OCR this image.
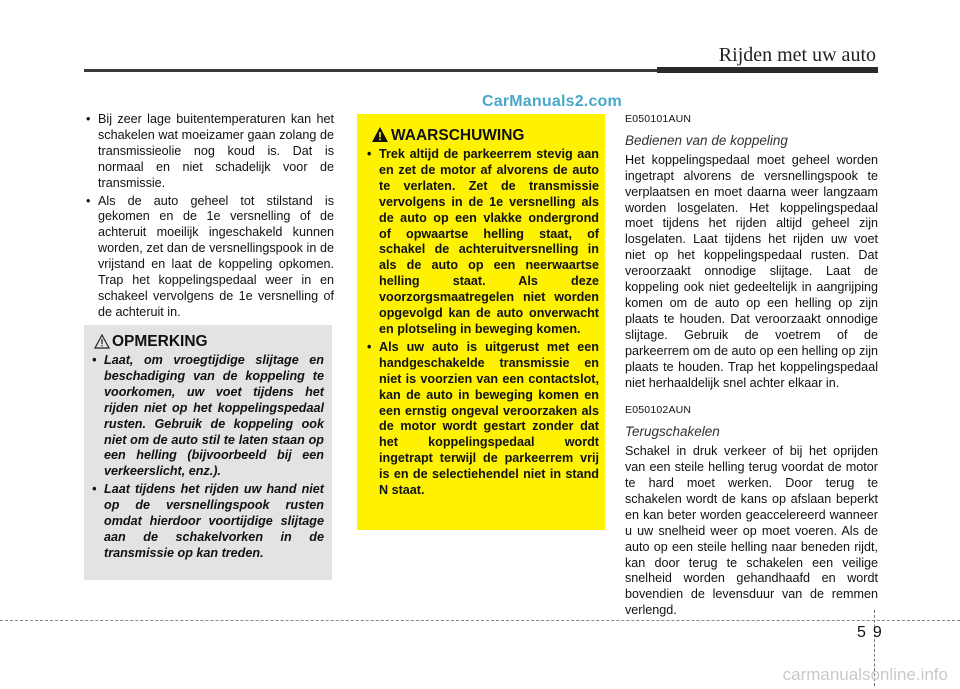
Rijden met uw auto
CarManuals2.com
• Bij zeer lage buitentemperaturen kan het schakelen wat moeizamer gaan zolang de transmissieolie nog koud is. Dat is normaal en niet schadelijk voor de transmissie.
• Als de auto geheel tot stilstand is gekomen en de 1e versnelling of de achteruit moeilijk ingeschakeld kunnen worden, zet dan de versnellingspook in de vrijstand en laat de koppeling opkomen. Trap het koppelingspedaal weer in en schakeel vervolgens de 1e versnelling of de achteruit in.
OPMERKING
• Laat, om vroegtijdige slijtage en beschadiging van de koppeling te voorkomen, uw voet tijdens het rijden niet op het koppelingspedaal rusten. Gebruik de koppeling ook niet om de auto stil te laten staan op een helling (bijvoorbeeld bij een verkeerslicht, enz.).
• Laat tijdens het rijden uw hand niet op de versnellingspook rusten omdat hierdoor voortijdige slijtage aan de schakelvorken in de transmissie op kan treden.
WAARSCHUWING
• Trek altijd de parkeerrem stevig aan en zet de motor af alvorens de auto te verlaten. Zet de transmissie vervolgens in de 1e versnelling als de auto op een vlakke ondergrond of opwaartse helling staat, of schakel de achteruitversnelling in als de auto op een neerwaartse helling staat. Als deze voorzorgsmaatregelen niet worden opgevolgd kan de auto onverwacht en plotseling in beweging komen.
• Als uw auto is uitgerust met een handgeschakelde transmissie en niet is voorzien van een contactslot, kan de auto in beweging komen en een ernstig ongeval veroorzaken als de motor wordt gestart zonder dat het koppelingspedaal wordt ingetrapt terwijl de parkeerrem vrij is en de selectiehendel niet in stand N staat.
E050101AUN
Bedienen van de koppeling
Het koppelingspedaal moet geheel worden ingetrapt alvorens de versnellingspook te verplaatsen en moet daarna weer langzaam worden losgelaten. Het koppelingspedaal moet tijdens het rijden altijd geheel zijn losgelaten. Laat tijdens het rijden uw voet niet op het koppelingspedaal rusten. Dat veroorzaakt onnodige slijtage. Laat de koppeling ook niet gedeeltelijk in aangrijping komen om de auto op een helling op zijn plaats te houden. Dat veroorzaakt onnodige slijtage. Gebruik de voetrem of de parkeerrem om de auto op een helling op zijn plaats te houden. Trap het koppelingspedaal niet herhaaldelijk snel achter elkaar in.
E050102AUN
Terugschakelen
Schakel in druk verkeer of bij het oprijden van een steile helling terug voordat de motor te hard moet werken. Door terug te schakelen wordt de kans op afslaan beperkt en kan beter worden geaccelereerd wanneer u uw snelheid weer op moet voeren. Als de auto op een steile helling naar beneden rijdt, kan door terug te schakelen een veilige snelheid worden gehandhaafd en wordt bovendien de levensduur van de remmen verlengd.
59
carmanualsonline.info
